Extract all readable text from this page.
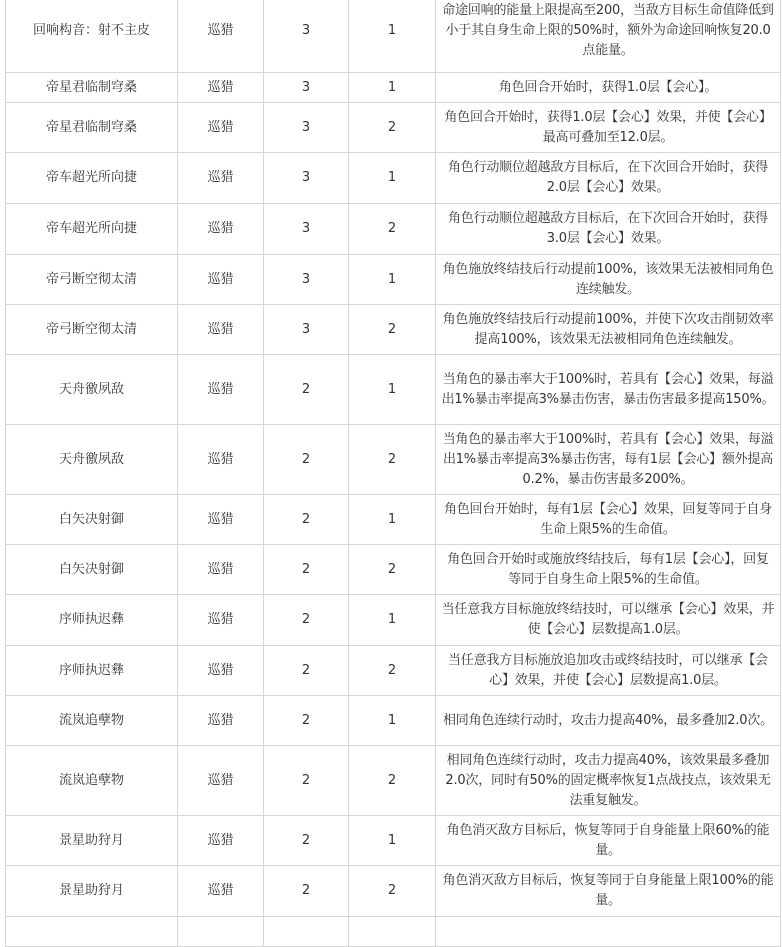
回响构音：射不主皮	巡猎	3	1	命途回响的能量上限提高至200，当敌方目标生命值降低到小于其自身生命上限的50%时，额外为命途回响恢复20.0点能量。
帝星君临制穹桑	巡猎	3	1	角色回合开始时，获得1.0层【会心】。
帝星君临制穹桑	巡猎	3	2	角色回合开始时，获得1.0层【会心】效果，并使【会心】最高可叠加至12.0层。
帝车超光所向捷	巡猎	3	1	角色行动顺位超越敌方目标后，在下次回合开始时，获得2.0层【会心】效果。
帝车超光所向捷	巡猎	3	2	角色行动顺位超越敌方目标后，在下次回合开始时，获得3.0层【会心】效果。
帝弓断空彻太清	巡猎	3	1	角色施放终结技后行动提前100%，该效果无法被相同角色连续触发。
帝弓断空彻太清	巡猎	3	2	角色施放终结技后行动提前100%，并使下次攻击削韧效率提高100%，该效果无法被相同角色连续触发。
天舟徼夙敌	巡猎	2	1	当角色的暴击率大于100%时，若具有【会心】效果，每溢出1%暴击率提高3%暴击伤害，暴击伤害最多提高150%。
天舟徼夙敌	巡猎	2	2	当角色的暴击率大于100%时，若具有【会心】效果，每溢出1%暴击率提高3%暴击伤害，每有1层【会心】额外提高0.2%，暴击伤害最多200%。
白矢决射御	巡猎	2	1	角色回台开始时，每有1层【会心】效果，回复等同于自身生命上限5%的生命值。
白矢决射御	巡猎	2	2	角色回合开始时或施放终结技后，每有1层【会心】，回复等同于自身生命上限5%的生命值。
序师执迟彝	巡猎	2	1	当任意我方目标施放终结技时，可以继承【会心】效果，并使【会心】层数提高1.0层。
序师执迟彝	巡猎	2	2	当任意我方目标施放追加攻击或终结技时，可以继承【会心】效果，并使【会心】层数提高1.0层。
流岚追孽物	巡猎	2	1	相同角色连续行动时，攻击力提高40%，最多叠加2.0次。
流岚追孽物	巡猎	2	2	相同角色连续行动时，攻击力提高40%，该效果最多叠加2.0次，同时有50%的固定概率恢复1点战技点，该效果无法重复触发。
景星助狩月	巡猎	2	1	角色消灭敌方目标后，恢复等同于自身能量上限60%的能量。
景星助狩月	巡猎	2	2	角色消灭敌方目标后，恢复等同于自身能量上限100%的能量。
